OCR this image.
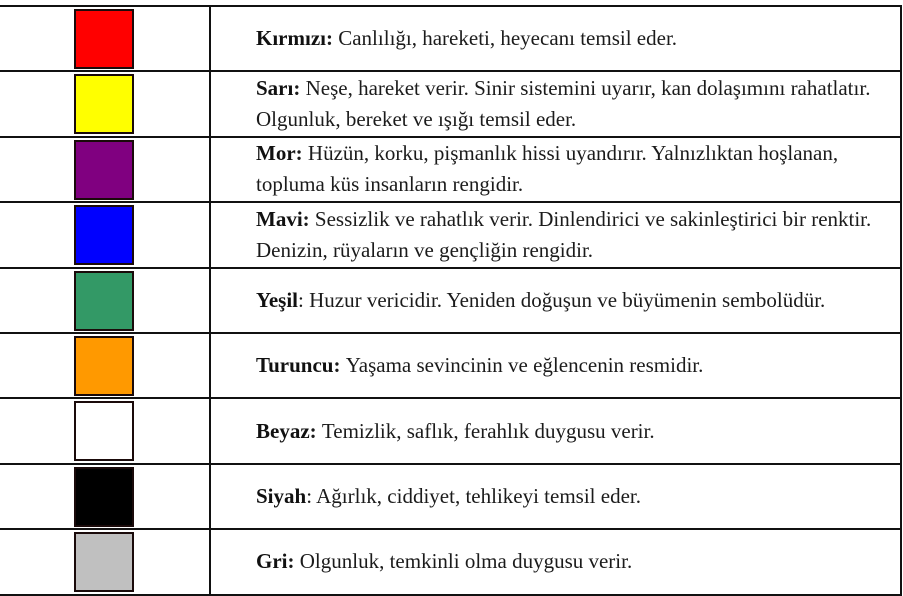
Kırmızı: Canlılığı, hareketi, heyecanı temsil eder.
Sarı: Neşe, hareket verir. Sinir sistemini uyarır, kan dolaşımını rahatlatır. Olgunluk, bereket ve ışığı temsil eder.
Mor: Hüzün, korku, pişmanlık hissi uyandırır. Yalnızlıktan hoşlanan, topluma küs insanların rengidir.
Mavi: Sessizlik ve rahatlık verir. Dinlendirici ve sakinleştirici bir renktir. Denizin, rüyaların ve gençliğin rengidir.
Yeşil: Huzur vericidir. Yeniden doğuşun ve büyümenin sembolüdür.
Turuncu: Yaşama sevincinin ve eğlencenin resmidir.
Beyaz: Temizlik, saflık, ferahlık duygusu verir.
Siyah: Ağırlık, ciddiyet, tehlikeyi temsil eder.
Gri: Olgunluk, temkinli olma duygusu verir.
